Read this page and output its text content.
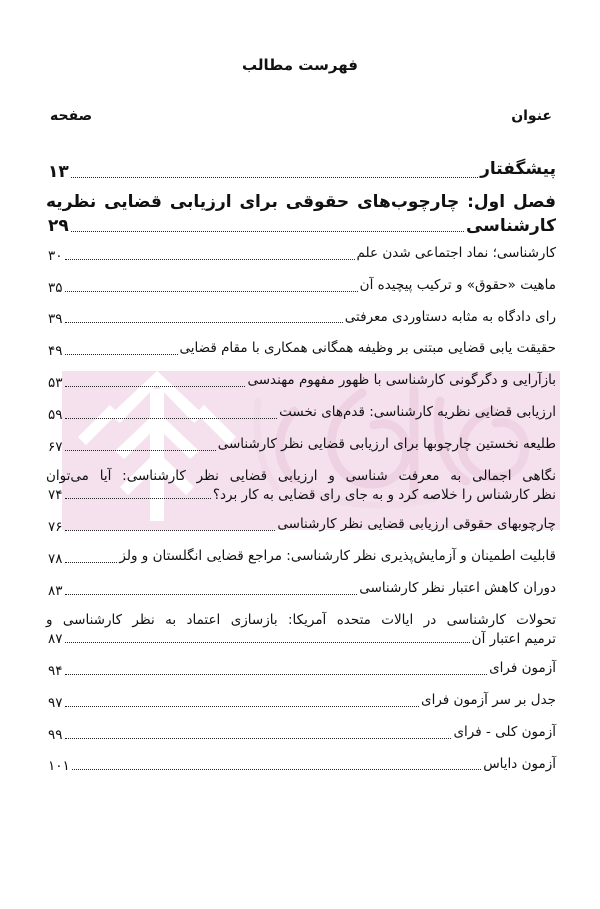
فهرست مطالب
عنوان
صفحه
پیشگفتار
۱۳
فصل اول: چارچوب‌های حقوقی برای ارزیابی قضایی نظریه
کارشناسی
۲۹
کارشناسی؛ نماد اجتماعی شدن علم
۳۰
ماهیت «حقوق» و ترکیب پیچیده آن
۳۵
رای دادگاه به مثابه دستاوردی معرفتی
۳۹
حقیقت یابی قضایی مبتنی بر وظیفه همگانی همکاری با مقام قضایی
۴۹
بازآرایی و دگرگونی کارشناسی با ظهور مفهوم مهندسی
۵۳
ارزیابی قضایی نظریه کارشناسی: قدم‌های نخست
۵۹
طلیعه نخستین چارچوبها برای ارزیابی قضایی نظر کارشناسی
۶۷
نگاهی اجمالی به معرفت شناسی و ارزیابی قضایی نظر کارشناسی: آیا می‌توان
نظر کارشناس را خلاصه کرد و به جای رای قضایی به کار برد؟
۷۴
چارچوبهای حقوقی ارزیابی قضایی نظر کارشناسی
۷۶
قابلیت اطمینان و آزمایش‌پذیری نظر کارشناسی: مراجع قضایی انگلستان و ولز
۷۸
دوران کاهش اعتبار نظر کارشناسی
۸۳
تحولات کارشناسی در ایالات متحده آمریکا: بازسازی اعتماد به نظر کارشناسی و
ترمیم اعتبار آن
۸۷
آزمون فرای
۹۴
جدل بر سر آزمون فرای
۹۷
آزمون کلی - فرای
۹۹
آزمون دایاس
۱۰۱
